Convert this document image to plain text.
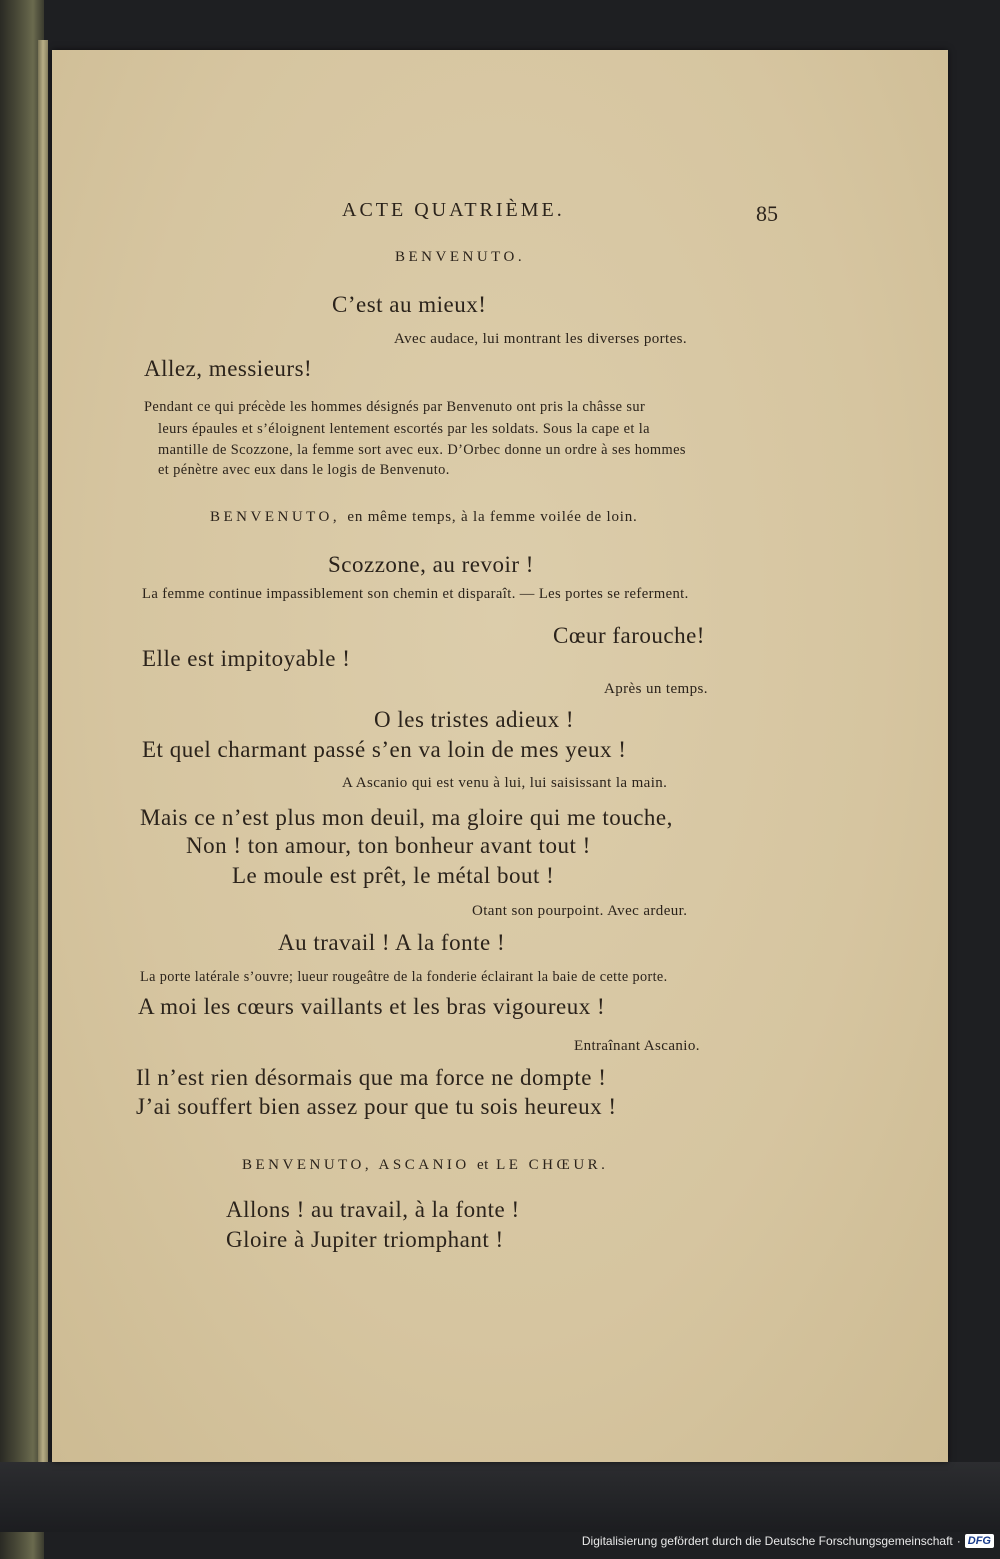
ACTE QUATRIÈME.	85
BENVENUTO.
C’est au mieux!
Avec audace, lui montrant les diverses portes.
Allez, messieurs!
Pendant ce qui précède les hommes désignés par Benvenuto ont pris la châsse sur
leurs épaules et s’éloignent lentement escortés par les soldats. Sous la cape et la
mantille de Scozzone, la femme sort avec eux. D’Orbec donne un ordre à ses hommes
et pénètre avec eux dans le logis de Benvenuto.
BENVENUTO, en même temps, à la femme voilée de loin.
Scozzone, au revoir !
La femme continue impassiblement son chemin et disparaît. — Les portes se referment.
Cœur farouche!
Elle est impitoyable !
Après un temps.
O les tristes adieux !
Et quel charmant passé s’en va loin de mes yeux !
A Ascanio qui est venu à lui, lui saisissant la main.
Mais ce n’est plus mon deuil, ma gloire qui me touche,
Non ! ton amour, ton bonheur avant tout !
Le moule est prêt, le métal bout !
Otant son pourpoint. Avec ardeur.
Au travail ! A la fonte !
La porte latérale s’ouvre; lueur rougeâtre de la fonderie éclairant la baie de cette porte.
A moi les cœurs vaillants et les bras vigoureux !
Entraînant Ascanio.
Il n’est rien désormais que ma force ne dompte !
J’ai souffert bien assez pour que tu sois heureux !
BENVENUTO, ASCANIO et LE CHŒUR.
Allons ! au travail, à la fonte !
Gloire à Jupiter triomphant !
Digitalisierung gefördert durch die Deutsche Forschungsgemeinschaft · DFG
